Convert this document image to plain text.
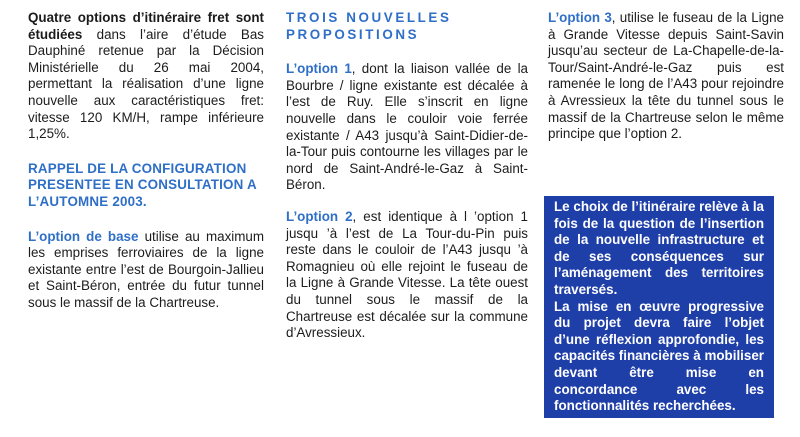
Quatre options d’itinéraire fret sont étudiées dans l’aire d’étude Bas Dauphiné retenue par la Décision Ministérielle du 26 mai 2004, permettant la réalisation d’une ligne nouvelle aux caractéristiques fret: vitesse 120 KM/H, rampe inférieure 1,25%.

RAPPEL DE LA CONFIGURATION PRESENTEE EN CONSULTATION A L’AUTOMNE 2003.

L’option de base utilise au maximum les emprises ferroviaires de la ligne existante entre l’est de Bourgoin-Jallieu et Saint-Béron, entrée du futur tunnel sous le massif de la Chartreuse.

TROIS NOUVELLES PROPOSITIONS

L’option 1, dont la liaison vallée de la Bourbre / ligne existante est décalée à l’est de Ruy. Elle s’inscrit en ligne nouvelle dans le couloir voie ferrée existante / A43 jusqu’à Saint-Didier-de-la-Tour puis contourne les villages par le nord de Saint-André-le-Gaz à Saint-Béron.

L’option 2, est identique à l ’option 1 jusqu ’à l’est de La Tour-du-Pin puis reste dans le couloir de l’A43 jusqu ’à Romagnieu où elle rejoint le fuseau de la Ligne à Grande Vitesse. La tête ouest du tunnel sous le massif de la Chartreuse est décalée sur la commune d’Avressieux.

L’option 3, utilise le fuseau de la Ligne à Grande Vitesse depuis Saint-Savin jusqu’au secteur de La-Chapelle-de-la-Tour/Saint-André-le-Gaz puis est ramenée le long de l’A43 pour rejoindre à Avressieux la tête du tunnel sous le massif de la Chartreuse selon le même principe que l’option 2.

Le choix de l’itinéraire relève à la fois de la question de l’insertion de la nouvelle infrastructure et de ses conséquences sur l’aménagement des territoires traversés.

La mise en œuvre progressive du projet devra faire l’objet d’une réflexion approfondie, les capacités financières à mobiliser devant être mise en concordance avec les fonctionnalités recherchées.
